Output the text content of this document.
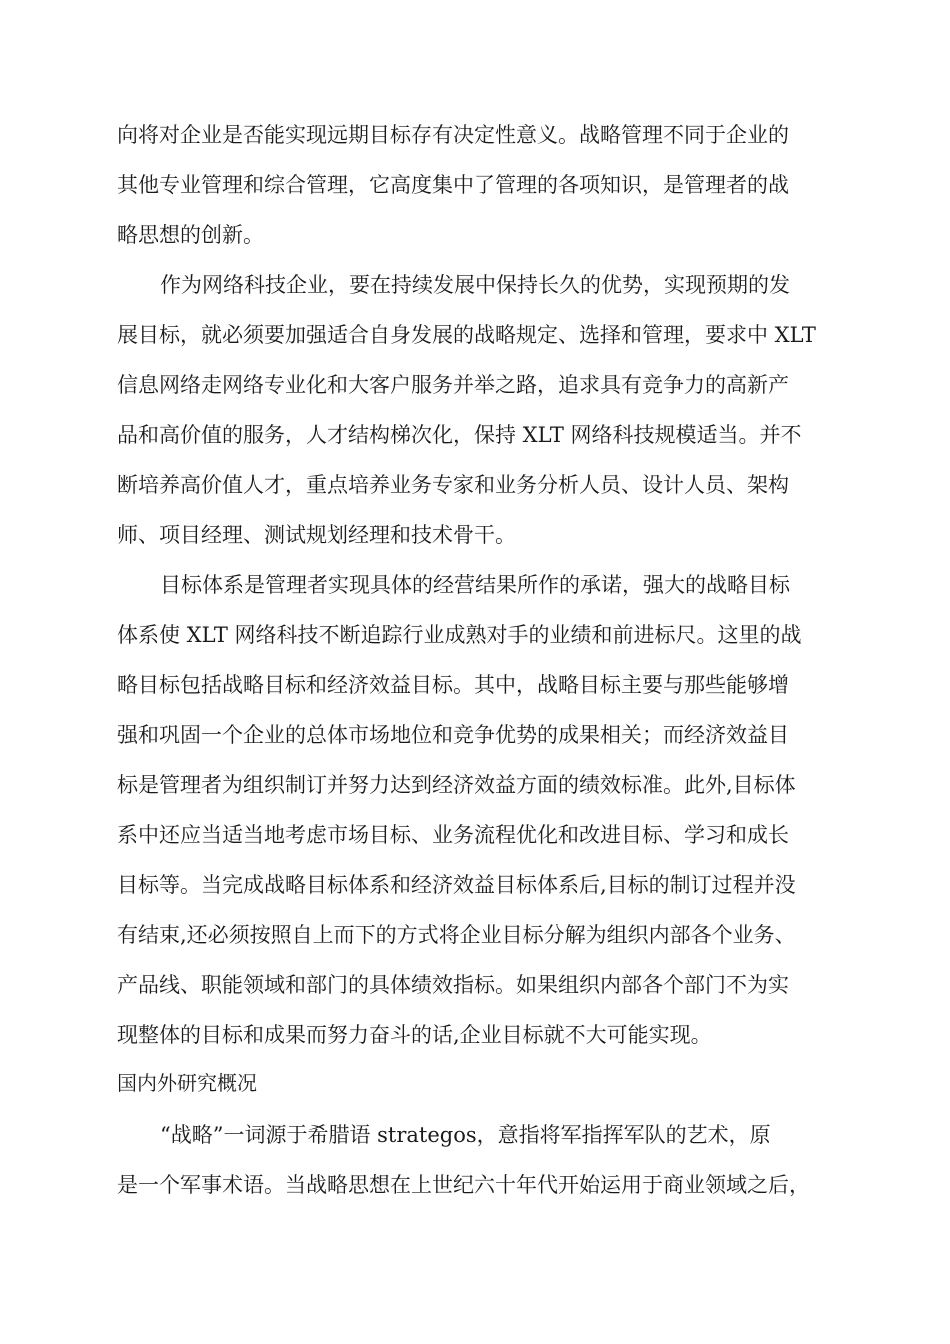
向将对企业是否能实现远期目标存有决定性意义。战略管理不同于企业的
其他专业管理和综合管理，它高度集中了管理的各项知识，是管理者的战
略思想的创新。
作为网络科技企业，要在持续发展中保持长久的优势，实现预期的发
展目标，就必须要加强适合自身发展的战略规定、选择和管理，要求中 XLT
信息网络走网络专业化和大客户服务并举之路，追求具有竞争力的高新产
品和高价值的服务，人才结构梯次化，保持 XLT 网络科技规模适当。并不
断培养高价值人才，重点培养业务专家和业务分析人员、设计人员、架构
师、项目经理、测试规划经理和技术骨干。
目标体系是管理者实现具体的经营结果所作的承诺，强大的战略目标
体系使 XLT 网络科技不断追踪行业成熟对手的业绩和前进标尺。这里的战
略目标包括战略目标和经济效益目标。其中，战略目标主要与那些能够增
强和巩固一个企业的总体市场地位和竞争优势的成果相关；而经济效益目
标是管理者为组织制订并努力达到经济效益方面的绩效标准。此外,目标体
系中还应当适当地考虑市场目标、业务流程优化和改进目标、学习和成长
目标等。当完成战略目标体系和经济效益目标体系后,目标的制订过程并没
有结束,还必须按照自上而下的方式将企业目标分解为组织内部各个业务、
产品线、职能领域和部门的具体绩效指标。如果组织内部各个部门不为实
现整体的目标和成果而努力奋斗的话,企业目标就不大可能实现。
国内外研究概况
“战略”一词源于希腊语 strategos，意指将军指挥军队的艺术，原
是一个军事术语。当战略思想在上世纪六十年代开始运用于商业领域之后，
